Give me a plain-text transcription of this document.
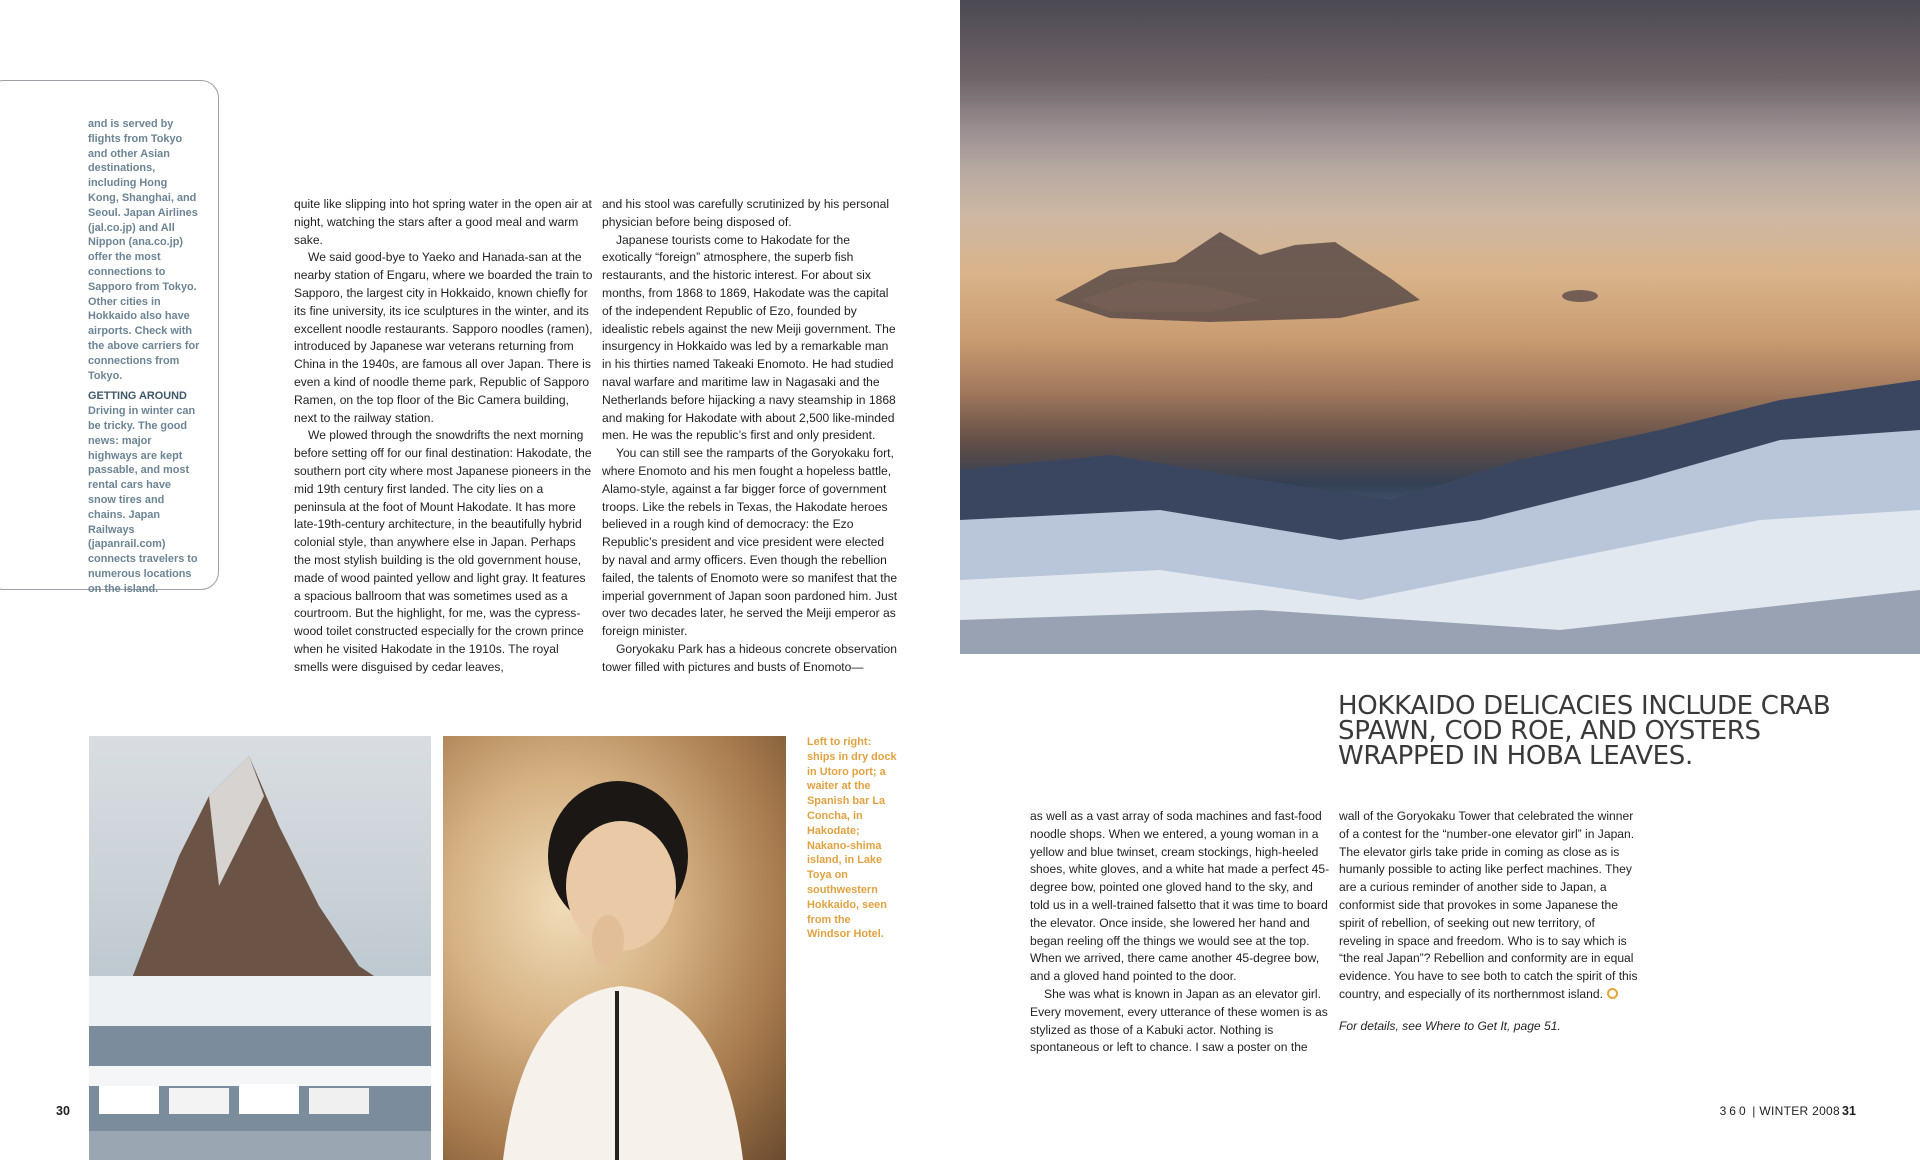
and is served by flights from Tokyo and other Asian destinations, including Hong Kong, Shanghai, and Seoul. Japan Airlines (jal.co.jp) and All Nippon (ana.co.jp) offer the most connections to Sapporo from Tokyo. Other cities in Hokkaido also have airports. Check with the above carriers for connections from Tokyo.

GETTING AROUND

Driving in winter can be tricky. The good news: major highways are kept passable, and most rental cars have snow tires and chains. Japan Railways (japanrail.com) connects travelers to numerous locations on the island.

quite like slipping into hot spring water in the open air at night, watching the stars after a good meal and warm sake.

We said good-bye to Yaeko and Hanada-san at the nearby station of Engaru, where we boarded the train to Sapporo, the largest city in Hokkaido, known chiefly for its fine university, its ice sculptures in the winter, and its excellent noodle restaurants. Sapporo noodles (ramen), introduced by Japanese war veterans returning from China in the 1940s, are famous all over Japan. There is even a kind of noodle theme park, Republic of Sapporo Ramen, on the top floor of the Bic Camera building, next to the railway station.

We plowed through the snowdrifts the next morning before setting off for our final destination: Hakodate, the southern port city where most Japanese pioneers in the mid 19th century first landed. The city lies on a peninsula at the foot of Mount Hakodate. It has more late-19th-century architecture, in the beautifully hybrid colonial style, than anywhere else in Japan. Perhaps the most stylish building is the old government house, made of wood painted yellow and light gray. It features a spacious ballroom that was sometimes used as a courtroom. But the highlight, for me, was the cypress-wood toilet constructed especially for the crown prince when he visited Hakodate in the 1910s. The royal smells were disguised by cedar leaves,

and his stool was carefully scrutinized by his personal physician before being disposed of.

Japanese tourists come to Hakodate for the exotically “foreign” atmosphere, the superb fish restaurants, and the historic interest. For about six months, from 1868 to 1869, Hakodate was the capital of the independent Republic of Ezo, founded by idealistic rebels against the new Meiji government. The insurgency in Hokkaido was led by a remarkable man in his thirties named Takeaki Enomoto. He had studied naval warfare and maritime law in Nagasaki and the Netherlands before hijacking a navy steamship in 1868 and making for Hakodate with about 2,500 like-minded men. He was the republic’s first and only president.

You can still see the ramparts of the Goryokaku fort, where Enomoto and his men fought a hopeless battle, Alamo-style, against a far bigger force of government troops. Like the rebels in Texas, the Hakodate heroes believed in a rough kind of democracy: the Ezo Republic’s president and vice president were elected by naval and army officers. Even though the rebellion failed, the talents of Enomoto were so manifest that the imperial government of Japan soon pardoned him. Just over two decades later, he served the Meiji emperor as foreign minister.

Goryokaku Park has a hideous concrete observation tower filled with pictures and busts of Enomoto—

Left to right: ships in dry dock in Utoro port; a waiter at the Spanish bar La Concha, in Hakodate; Nakano-shima island, in Lake Toya on southwestern Hokkaido, seen from the Windsor Hotel.
HOKKAIDO DELICACIES INCLUDE CRAB SPAWN, COD ROE, AND OYSTERS WRAPPED IN HOBA LEAVES.

as well as a vast array of soda machines and fast-food noodle shops. When we entered, a young woman in a yellow and blue twinset, cream stockings, high-heeled shoes, white gloves, and a white hat made a perfect 45-degree bow, pointed one gloved hand to the sky, and told us in a well-trained falsetto that it was time to board the elevator. Once inside, she lowered her hand and began reeling off the things we would see at the top. When we arrived, there came another 45-degree bow, and a gloved hand pointed to the door.

She was what is known in Japan as an elevator girl. Every movement, every utterance of these women is as stylized as those of a Kabuki actor. Nothing is spontaneous or left to chance. I saw a poster on the

wall of the Goryokaku Tower that celebrated the winner of a contest for the “number-one elevator girl” in Japan. The elevator girls take pride in coming as close as is humanly possible to acting like perfect machines. They are a curious reminder of another side to Japan, a conformist side that provokes in some Japanese the spirit of rebellion, of seeking out new territory, of reveling in space and freedom. Who is to say which is “the real Japan”? Rebellion and conformity are in equal evidence. You have to see both to catch the spirit of this country, and especially of its northernmost island.

For details, see Where to Get It, page 51.

30	360 | WINTER 2008 31
